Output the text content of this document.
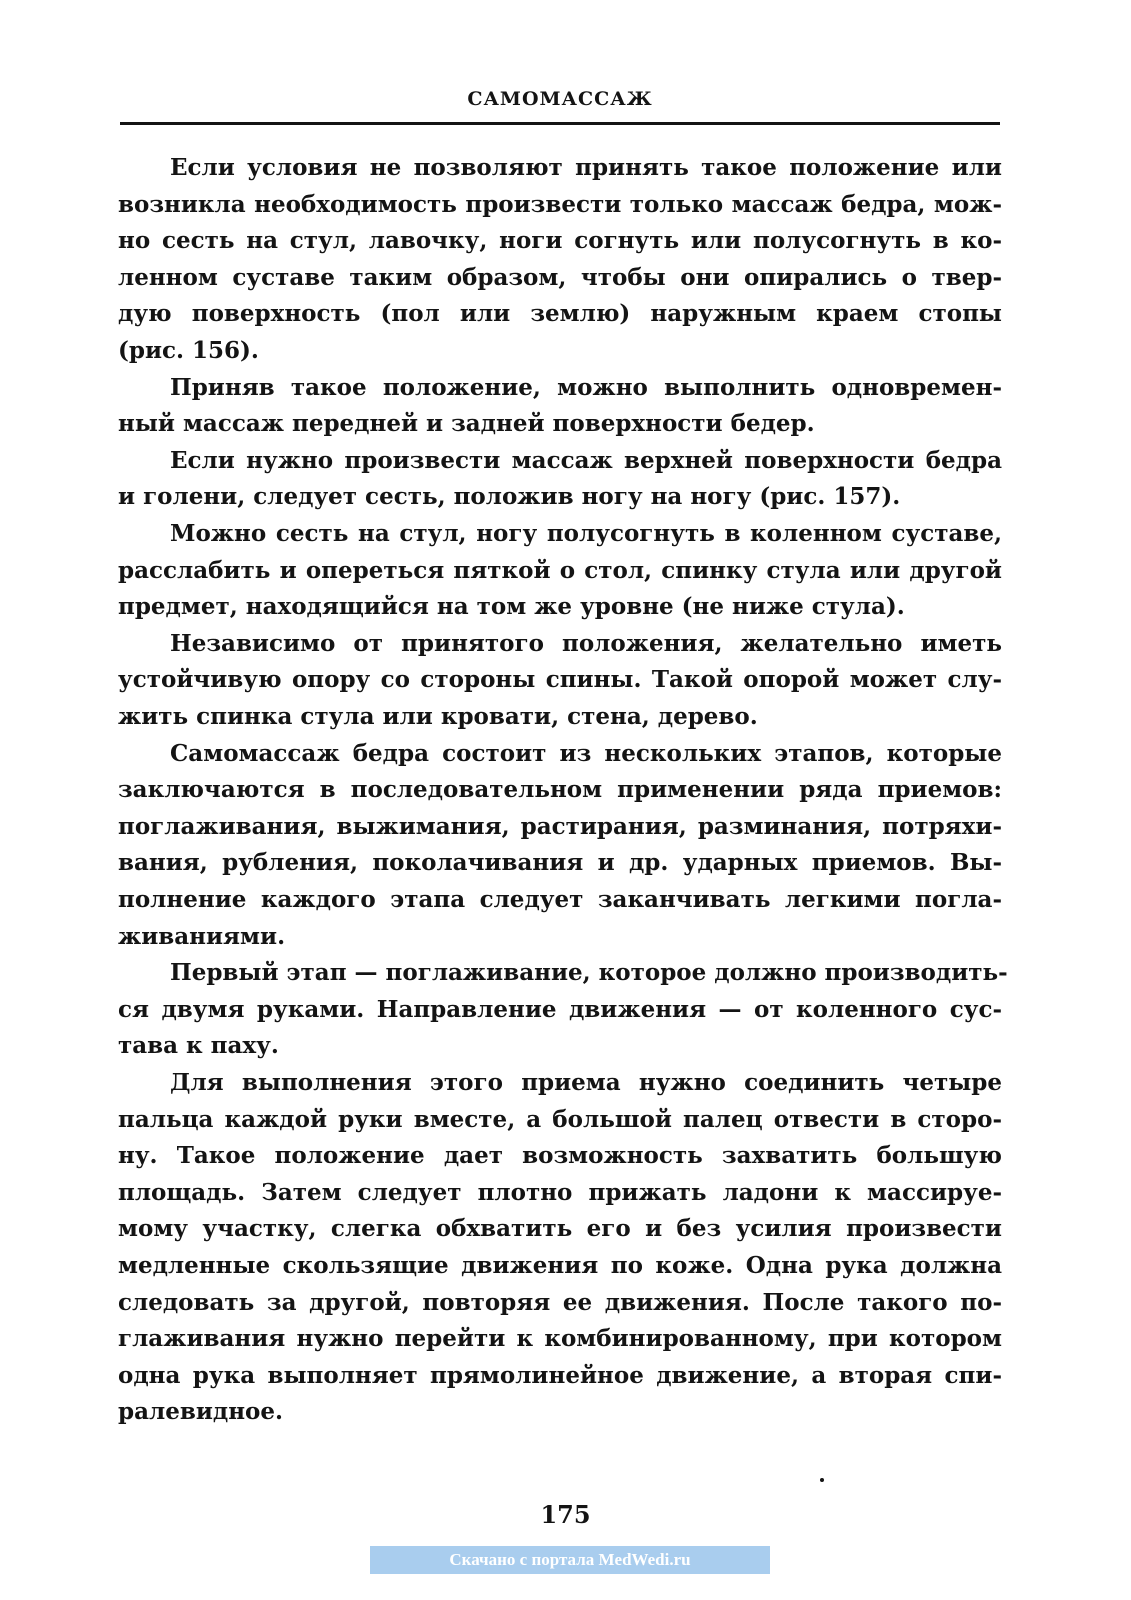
САМОМАССАЖ
Если условия не позволяют принять такое положение или
возникла необходимость произвести только массаж бедра, мож-
но сесть на стул, лавочку, ноги согнуть или полусогнуть в ко-
ленном суставе таким образом, чтобы они опирались о твер-
дую поверхность (пол или землю) наружным краем стопы
(рис. 156).
Приняв такое положение, можно выполнить одновремен-
ный массаж передней и задней поверхности бедер.
Если нужно произвести массаж верхней поверхности бедра
и голени, следует сесть, положив ногу на ногу (рис. 157).
Можно сесть на стул, ногу полусогнуть в коленном суставе,
расслабить и опереться пяткой о стол, спинку стула или другой
предмет, находящийся на том же уровне (не ниже стула).
Независимо от принятого положения, желательно иметь
устойчивую опору со стороны спины. Такой опорой может слу-
жить спинка стула или кровати, стена, дерево.
Самомассаж бедра состоит из нескольких этапов, которые
заключаются в последовательном применении ряда приемов:
поглаживания, выжимания, растирания, разминания, потряхи-
вания, рубления, поколачивания и др. ударных приемов. Вы-
полнение каждого этапа следует заканчивать легкими погла-
живаниями.
Первый этап — поглаживание, которое должно производить-
ся двумя руками. Направление движения — от коленного сус-
тава к паху.
Для выполнения этого приема нужно соединить четыре
пальца каждой руки вместе, а большой палец отвести в сторо-
ну. Такое положение дает возможность захватить большую
площадь. Затем следует плотно прижать ладони к массируе-
мому участку, слегка обхватить его и без усилия произвести
медленные скользящие движения по коже. Одна рука должна
следовать за другой, повторяя ее движения. После такого по-
глаживания нужно перейти к комбинированному, при котором
одна рука выполняет прямолинейное движение, а вторая спи-
ралевидное.
175
Скачано с портала MedWedi.ru
